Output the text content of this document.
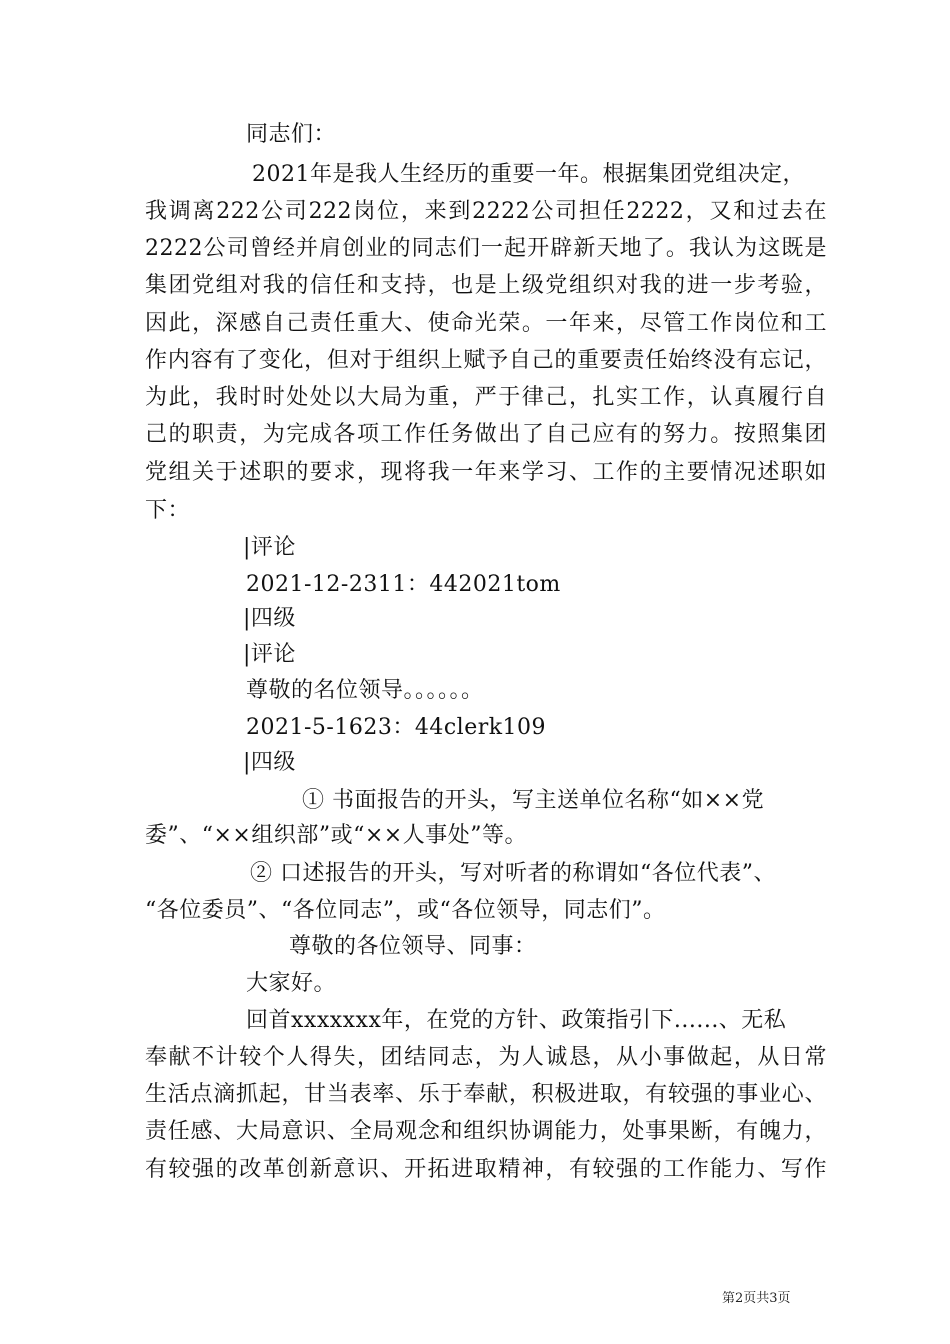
同志们：
2021年是我人生经历的重要一年。根据集团党组决定，
我调离222公司222岗位，来到2222公司担任2222，又和过去在
2222公司曾经并肩创业的同志们一起开辟新天地了。我认为这既是
集团党组对我的信任和支持，也是上级党组织对我的进一步考验，
因此，深感自己责任重大、使命光荣。一年来，尽管工作岗位和工
作内容有了变化，但对于组织上赋予自己的重要责任始终没有忘记，
为此，我时时处处以大局为重，严于律己，扎实工作，认真履行自
己的职责，为完成各项工作任务做出了自己应有的努力。按照集团
党组关于述职的要求，现将我一年来学习、工作的主要情况述职如
下：
|评论
2021-12-2311：442021tom
|四级
|评论
尊敬的名位领导。。。。。。
2021-5-1623：44clerk109
|四级
① 书面报告的开头，写主送单位名称“如××党
委”、“××组织部”或“××人事处”等。
② 口述报告的开头，写对听者的称谓如“各位代表”、
“各位委员”、“各位同志”，或“各位领导，同志们”。
尊敬的各位领导、同事：
大家好。
回首xxxxxxx年，在党的方针、政策指引下......、无私
奉献不计较个人得失，团结同志，为人诚恳，从小事做起，从日常
生活点滴抓起，甘当表率、乐于奉献，积极进取，有较强的事业心、
责任感、大局意识、全局观念和组织协调能力，处事果断，有魄力，
有较强的改革创新意识、开拓进取精神，有较强的工作能力、写作
第2页共3页
